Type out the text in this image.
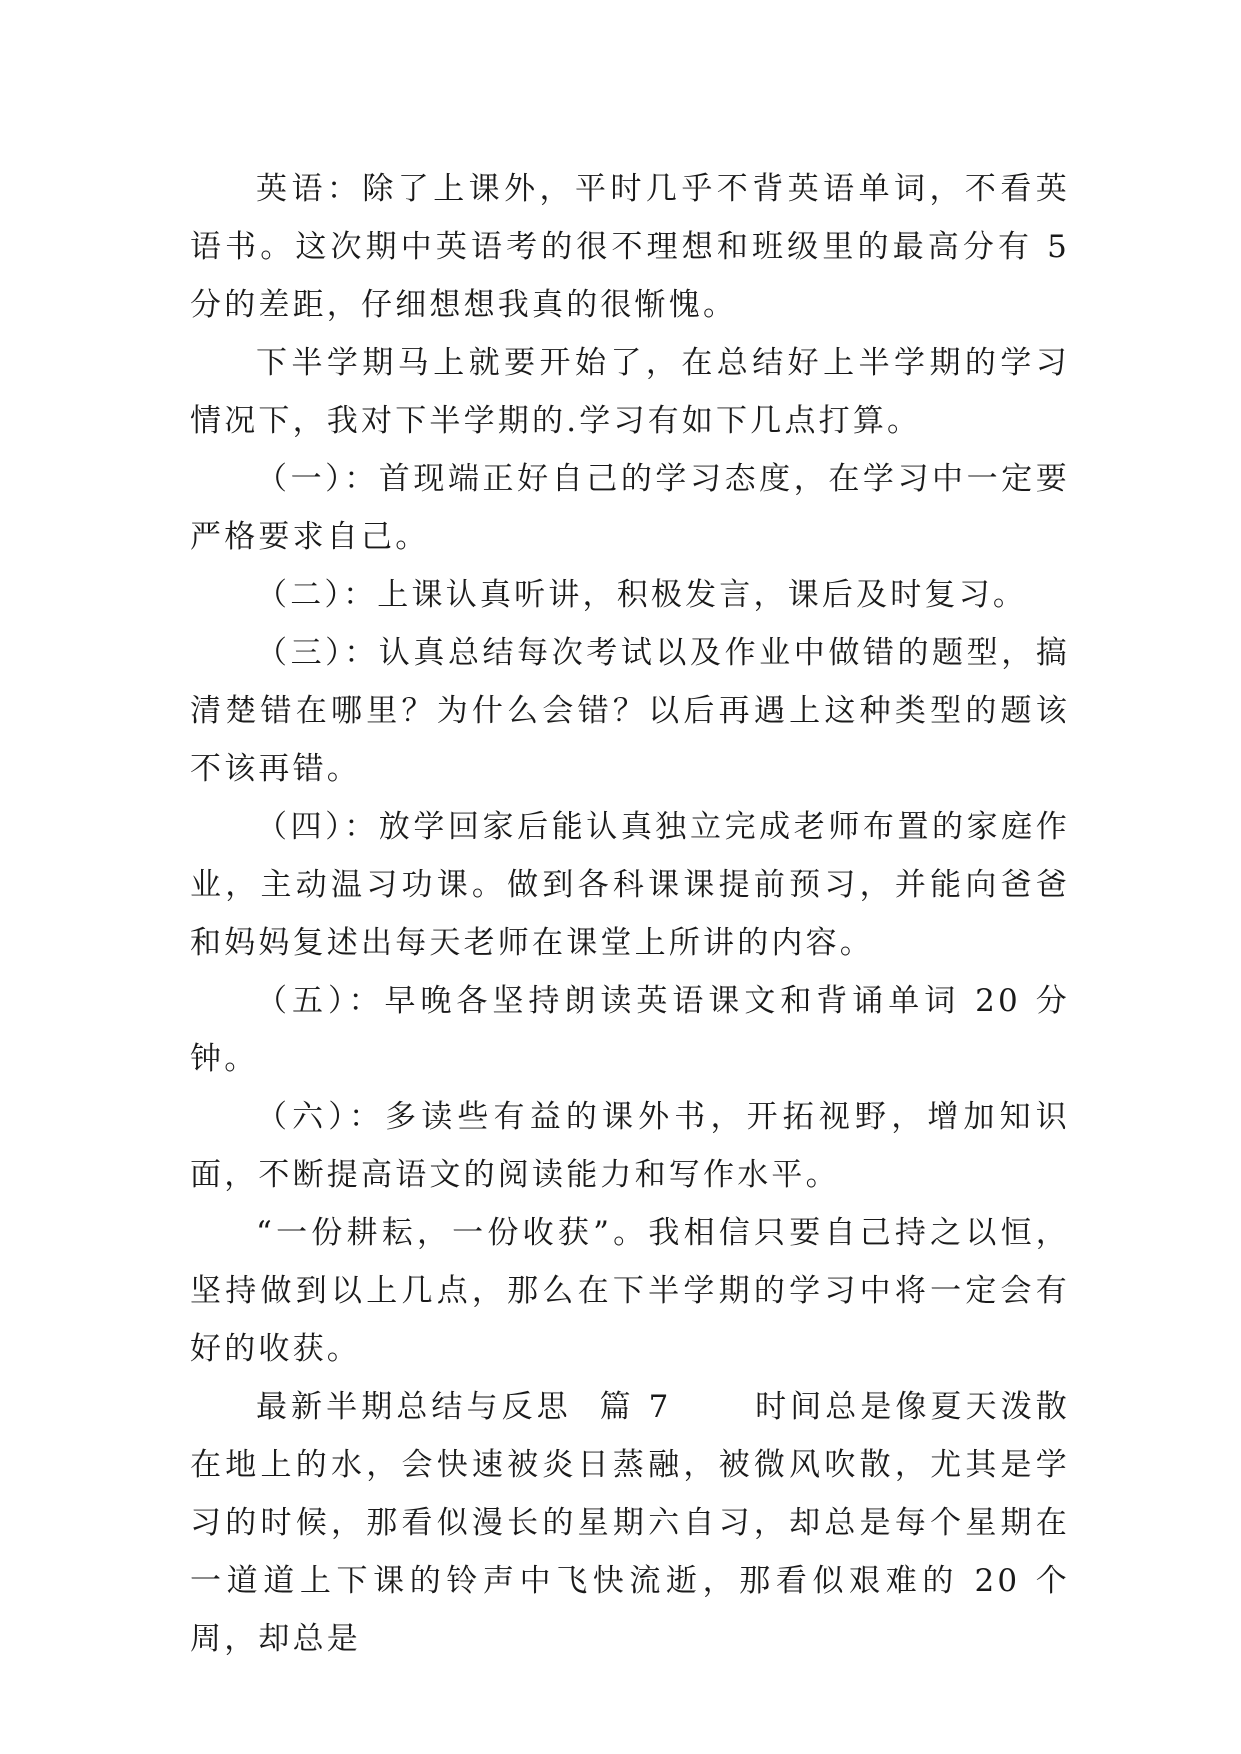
英语：除了上课外，平时几乎不背英语单词，不看英语书。这次期中英语考的很不理想和班级里的最高分有 5 分的差距，仔细想想我真的很惭愧。

下半学期马上就要开始了，在总结好上半学期的学习情况下，我对下半学期的.学习有如下几点打算。

（一）：首现端正好自己的学习态度，在学习中一定要严格要求自己。

（二）：上课认真听讲，积极发言，课后及时复习。

（三）：认真总结每次考试以及作业中做错的题型，搞清楚错在哪里？为什么会错？以后再遇上这种类型的题该不该再错。

（四）：放学回家后能认真独立完成老师布置的家庭作业，主动温习功课。做到各科课课提前预习，并能向爸爸和妈妈复述出每天老师在课堂上所讲的内容。

（五）：早晚各坚持朗读英语课文和背诵单词 20 分钟。

（六）：多读些有益的课外书，开拓视野，增加知识面，不断提高语文的阅读能力和写作水平。

“一份耕耘，一份收获”。我相信只要自己持之以恒，坚持做到以上几点，那么在下半学期的学习中将一定会有好的收获。

最新半期总结与反思  篇 7      时间总是像夏天泼散在地上的水，会快速被炎日蒸融，被微风吹散，尤其是学习的时候，那看似漫长的星期六自习，却总是每个星期在一道道上下课的铃声中飞快流逝，那看似艰难的 20 个周，却总是
